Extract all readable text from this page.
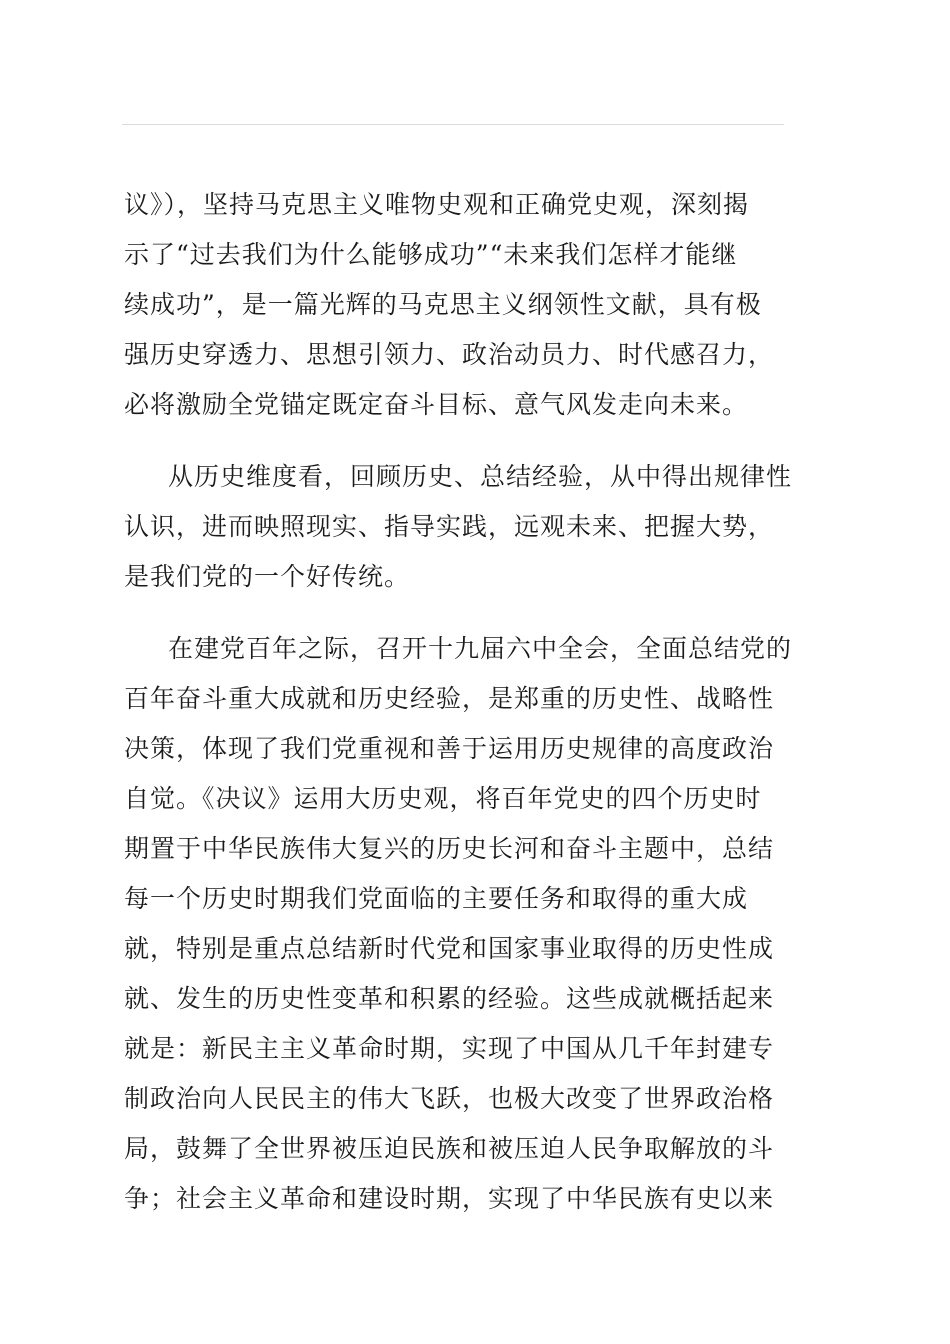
议》），坚持马克思主义唯物史观和正确党史观，深刻揭
示了“过去我们为什么能够成功”“未来我们怎样才能继
续成功”，是一篇光辉的马克思主义纲领性文献，具有极
强历史穿透力、思想引领力、政治动员力、时代感召力，
必将激励全党锚定既定奋斗目标、意气风发走向未来。
从历史维度看，回顾历史、总结经验，从中得出规律性
认识，进而映照现实、指导实践，远观未来、把握大势，
是我们党的一个好传统。
在建党百年之际，召开十九届六中全会，全面总结党的
百年奋斗重大成就和历史经验，是郑重的历史性、战略性
决策，体现了我们党重视和善于运用历史规律的高度政治
自觉。《决议》运用大历史观，将百年党史的四个历史时
期置于中华民族伟大复兴的历史长河和奋斗主题中，总结
每一个历史时期我们党面临的主要任务和取得的重大成
就，特别是重点总结新时代党和国家事业取得的历史性成
就、发生的历史性变革和积累的经验。这些成就概括起来
就是：新民主主义革命时期，实现了中国从几千年封建专
制政治向人民民主的伟大飞跃，也极大改变了世界政治格
局，鼓舞了全世界被压迫民族和被压迫人民争取解放的斗
争；社会主义革命和建设时期，实现了中华民族有史以来
